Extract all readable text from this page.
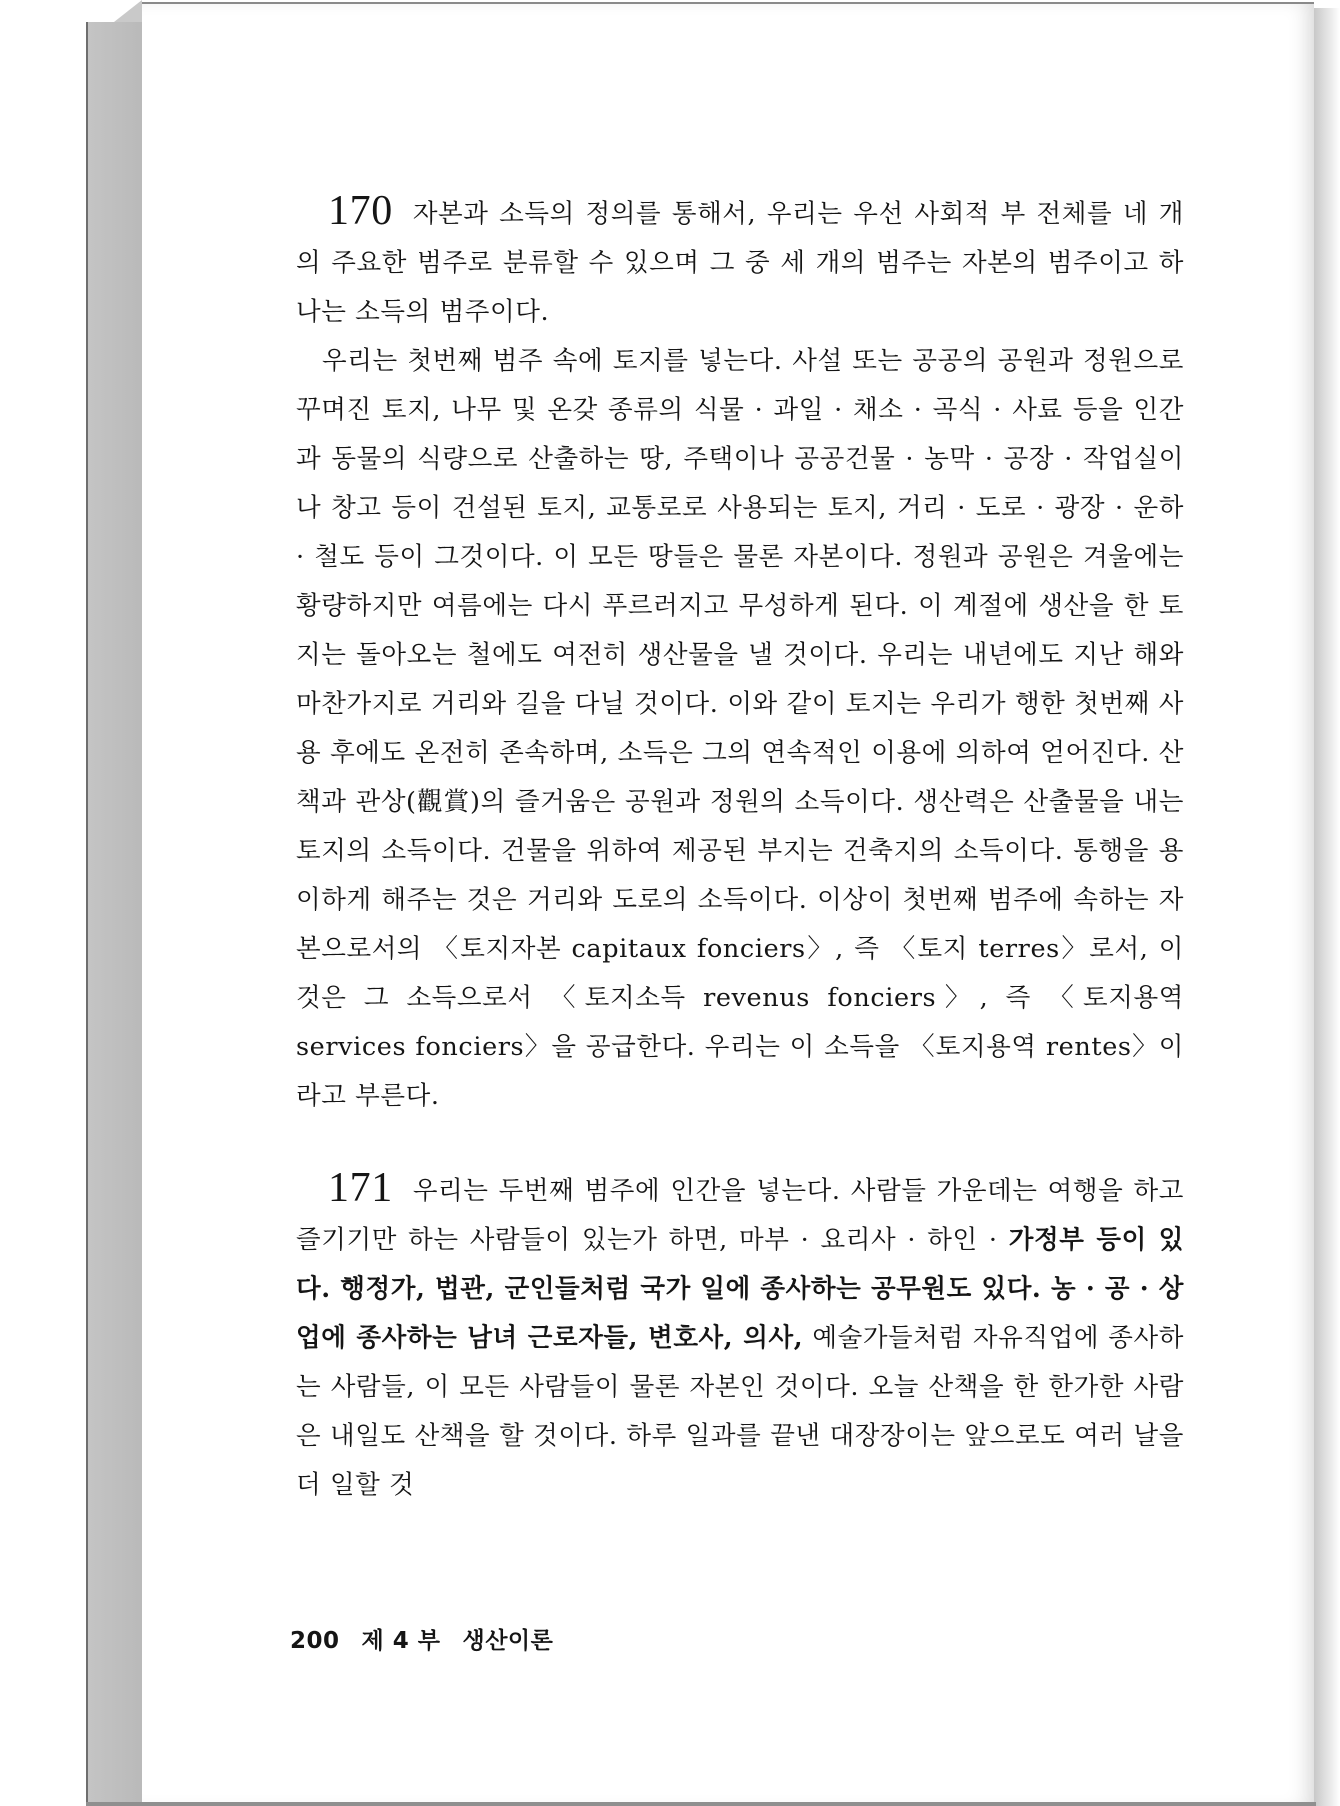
170 자본과 소득의 정의를 통해서, 우리는 우선 사회적 부 전체를 네 개의 주요한 범주로 분류할 수 있으며 그 중 세 개의 범주는 자본의 범주이고 하나는 소득의 범주이다.

우리는 첫번째 범주 속에 토지를 넣는다. 사설 또는 공공의 공원과 정원으로 꾸며진 토지, 나무 및 온갖 종류의 식물 · 과일 · 채소 · 곡식 · 사료 등을 인간과 동물의 식량으로 산출하는 땅, 주택이나 공공건물 · 농막 · 공장 · 작업실이나 창고 등이 건설된 토지, 교통로로 사용되는 토지, 거리 · 도로 · 광장 · 운하 · 철도 등이 그것이다. 이 모든 땅들은 물론 자본이다. 정원과 공원은 겨울에는 황량하지만 여름에는 다시 푸르러지고 무성하게 된다. 이 계절에 생산을 한 토지는 돌아오는 철에도 여전히 생산물을 낼 것이다. 우리는 내년에도 지난 해와 마찬가지로 거리와 길을 다닐 것이다. 이와 같이 토지는 우리가 행한 첫번째 사용 후에도 온전히 존속하며, 소득은 그의 연속적인 이용에 의하여 얻어진다. 산책과 관상(觀賞)의 즐거움은 공원과 정원의 소득이다. 생산력은 산출물을 내는 토지의 소득이다. 건물을 위하여 제공된 부지는 건축지의 소득이다. 통행을 용이하게 해주는 것은 거리와 도로의 소득이다. 이상이 첫번째 범주에 속하는 자본으로서의 〈토지자본 capitaux fonciers〉, 즉 〈토지 terres〉로서, 이것은 그 소득으로서 〈토지소득 revenus fonciers〉, 즉 〈토지용역 services fonciers〉을 공급한다. 우리는 이 소득을 〈토지용역 rentes〉이라고 부른다.

171 우리는 두번째 범주에 인간을 넣는다. 사람들 가운데는 여행을 하고 즐기기만 하는 사람들이 있는가 하면, 마부 · 요리사 · 하인 · 가정부 등이 있다. 행정가, 법관, 군인들처럼 국가 일에 종사하는 공무원도 있다. 농 · 공 · 상업에 종사하는 남녀 근로자들, 변호사, 의사, 예술가들처럼 자유직업에 종사하는 사람들, 이 모든 사람들이 물론 자본인 것이다. 오늘 산책을 한 한가한 사람은 내일도 산책을 할 것이다. 하루 일과를 끝낸 대장장이는 앞으로도 여러 날을 더 일할 것

200 제 4 부 생산이론
